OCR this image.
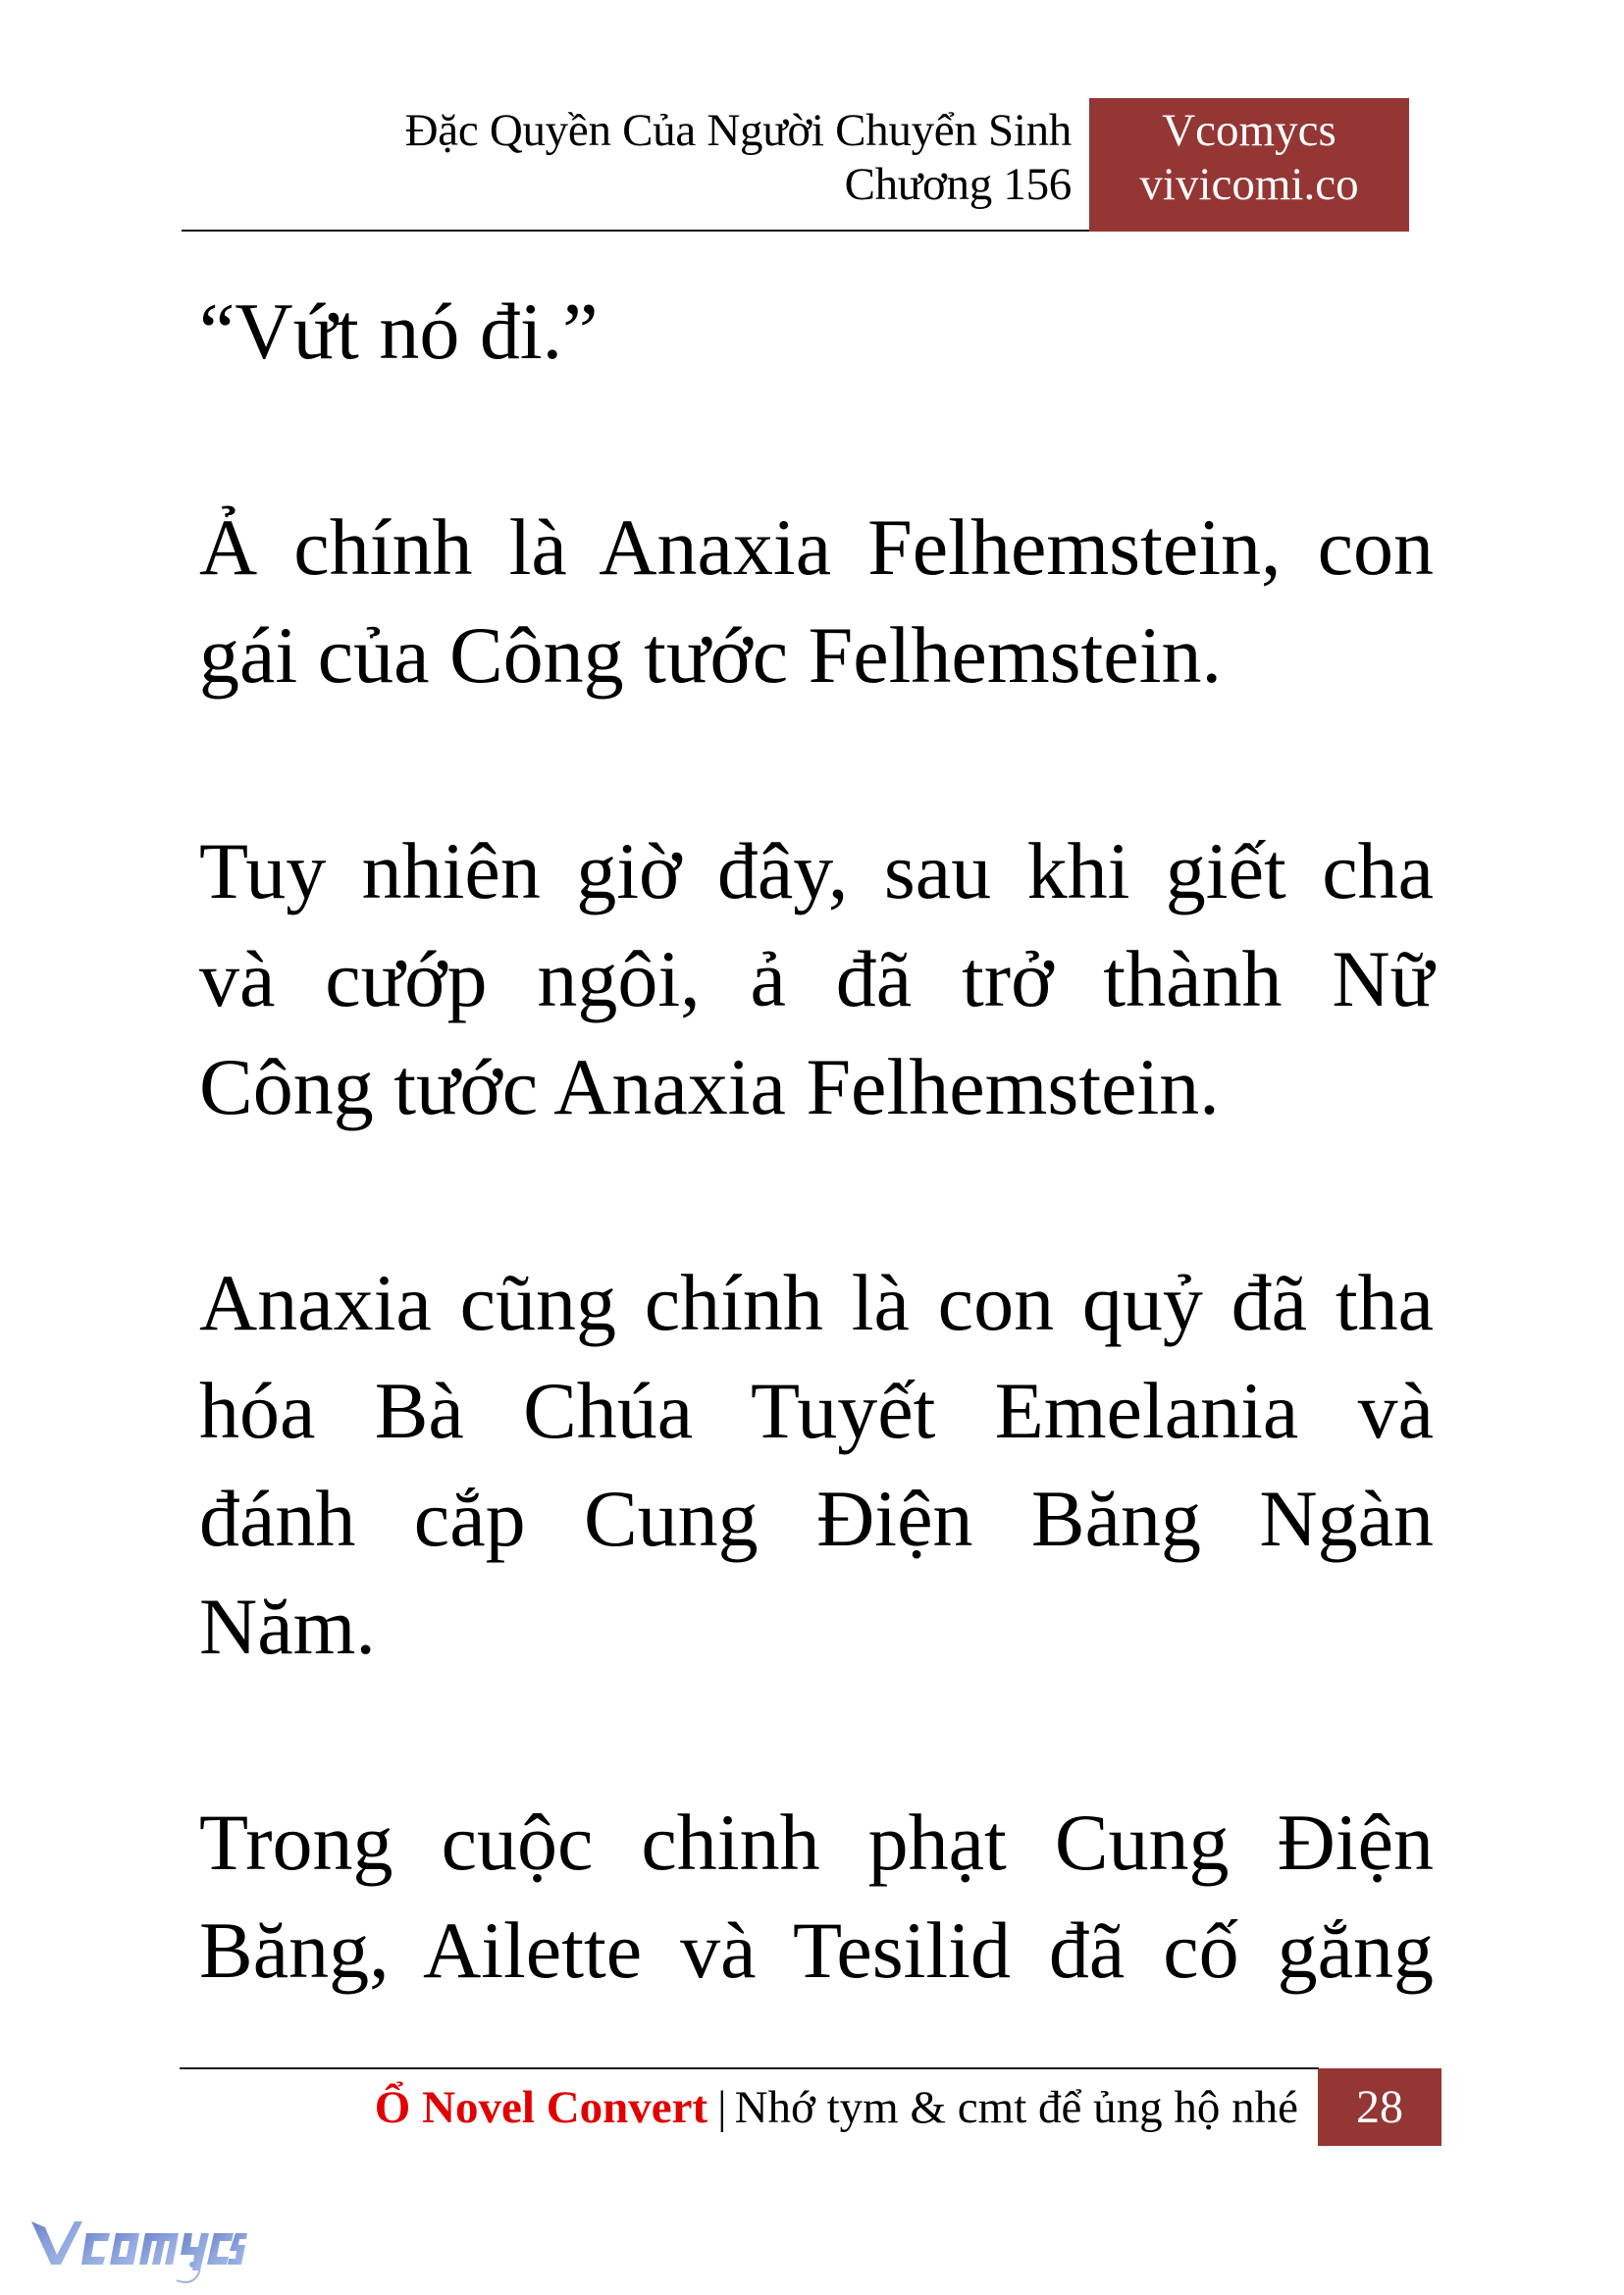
Đặc Quyền Của Người Chuyển Sinh
Chương 156
Vcomycs
vivicomi.co
“Vứt nó đi.”
Ả chính là Anaxia Felhemstein, con
gái của Công tước Felhemstein.
Tuy nhiên giờ đây, sau khi giết cha
và cướp ngôi, ả đã trở thành Nữ
Công tước Anaxia Felhemstein.
Anaxia cũng chính là con quỷ đã tha
hóa Bà Chúa Tuyết Emelania và
đánh cắp Cung Điện Băng Ngàn
Năm.
Trong cuộc chinh phạt Cung Điện
Băng, Ailette và Tesilid đã cố gắng
Ổ Novel Convert | Nhớ tym & cmt để ủng hộ nhé	28
